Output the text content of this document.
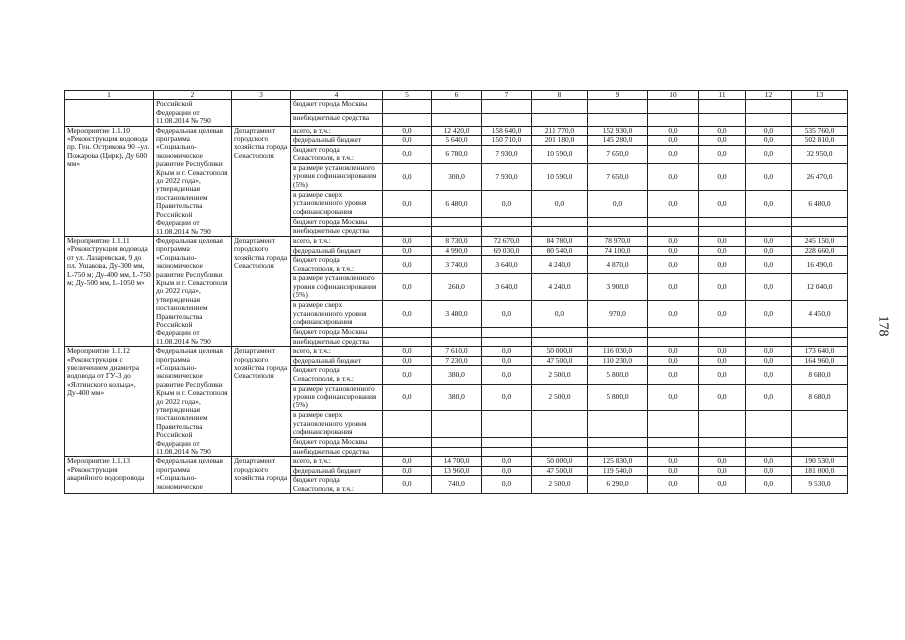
1	2	3	4	5	6	7	8	9	10	11	12	13
	Российской Федерации от 11.08.2014 № 790		бюджет города Москвы									
			внебюджетные средства									
Мероприятие 1.1.10 «Реконструкция водовода пр. Ген. Острякова 90 –ул. Пожарова (Цирк), Ду 600 мм»	Федеральная целевая программа «Социально-экономическое развитие Республики Крым и г. Севастополя до 2022 года», утвержденная постановлением Правительства Российской Федерации от 11.08.2014 № 790	Департамент городского хозяйства города Севастополя	всего, в т.ч.:	0,0	12 420,0	158 640,0	211 770,0	152 930,0	0,0	0,0	0,0	535 760,0
			федеральный бюджет	0,0	5 640,0	150 710,0	201 180,0	145 280,0	0,0	0,0	0,0	502 810,0
			бюджет города Севастополя, в т.ч.:	0,0	6 780,0	7 930,0	10 590,0	7 650,0	0,0	0,0	0,0	32 950,0
			в размере установленного уровня софинансирования (5%)	0,0	300,0	7 930,0	10 590,0	7 650,0	0,0	0,0	0,0	26 470,0
			в размере сверх установленного уровня софинансирования	0,0	6 480,0	0,0	0,0	0,0	0,0	0,0	0,0	6 480,0
			бюджет города Москвы									
			внебюджетные средства									
Мероприятие 1.1.11 «Реконструкция водовода от ул. Лазаревская, 9 до пл. Ушакова, Ду-300 мм, L-750 м; Ду-400 мм, L-750 м; Ду-500 мм, L-1050 м»	Федеральная целевая программа «Социально-экономическое развитие Республики Крым и г. Севастополя до 2022 года», утвержденная постановлением Правительства Российской Федерации от 11.08.2014 № 790	Департамент городского хозяйства города Севастополя	всего, в т.ч.:	0,0	8 730,0	72 670,0	84 780,0	78 970,0	0,0	0,0	0,0	245 150,0
			федеральный бюджет	0,0	4 990,0	69 030,0	80 540,0	74 100,0	0,0	0,0	0,0	228 660,0
			бюджет города Севастополя, в т.ч.:	0,0	3 740,0	3 640,0	4 240,0	4 870,0	0,0	0,0	0,0	16 490,0
			в размере установленного уровня софинансирования (5%)	0,0	260,0	3 640,0	4 240,0	3 900,0	0,0	0,0	0,0	12 040,0
			в размере сверх установленного уровня софинансирования	0,0	3 480,0	0,0	0,0	970,0	0,0	0,0	0,0	4 450,0
			бюджет города Москвы									
			внебюджетные средства									
Мероприятие 1.1.12 «Реконструкция с увеличением диаметра водовода от ГУ-3 до «Ялтинского кольца», Ду-400 мм»	Федеральная целевая программа «Социально-экономическое развитие Республики Крым и г. Севастополя до 2022 года», утвержденная постановлением Правительства Российской Федерации от 11.08.2014 № 790	Департамент городского хозяйства города Севастополя	всего, в т.ч.:	0,0	7 610,0	0,0	50 000,0	116 030,0	0,0	0,0	0,0	173 640,0
			федеральный бюджет	0,0	7 230,0	0,0	47 500,0	110 230,0	0,0	0,0	0,0	164 960,0
			бюджет города Севастополя, в т.ч.:	0,0	380,0	0,0	2 500,0	5 800,0	0,0	0,0	0,0	8 680,0
			в размере установленного уровня софинансирования (5%)	0,0	380,0	0,0	2 500,0	5 800,0	0,0	0,0	0,0	8 680,0
			в размере сверх установленного уровня софинансирования									
			бюджет города Москвы									
			внебюджетные средства									
Мероприятие 1.1.13 «Реконструкция аварийного водопровода	Федеральная целевая программа «Социально-экономическое	Департамент городского хозяйства города	всего, в т.ч.:	0,0	14 700,0	0,0	50 000,0	125 830,0	0,0	0,0	0,0	190 530,0
			федеральный бюджет	0,0	13 960,0	0,0	47 500,0	119 540,0	0,0	0,0	0,0	181 000,0
			бюджет города Севастополя, в т.ч.:	0,0	740,0	0,0	2 500,0	6 290,0	0,0	0,0	0,0	9 530,0
178
